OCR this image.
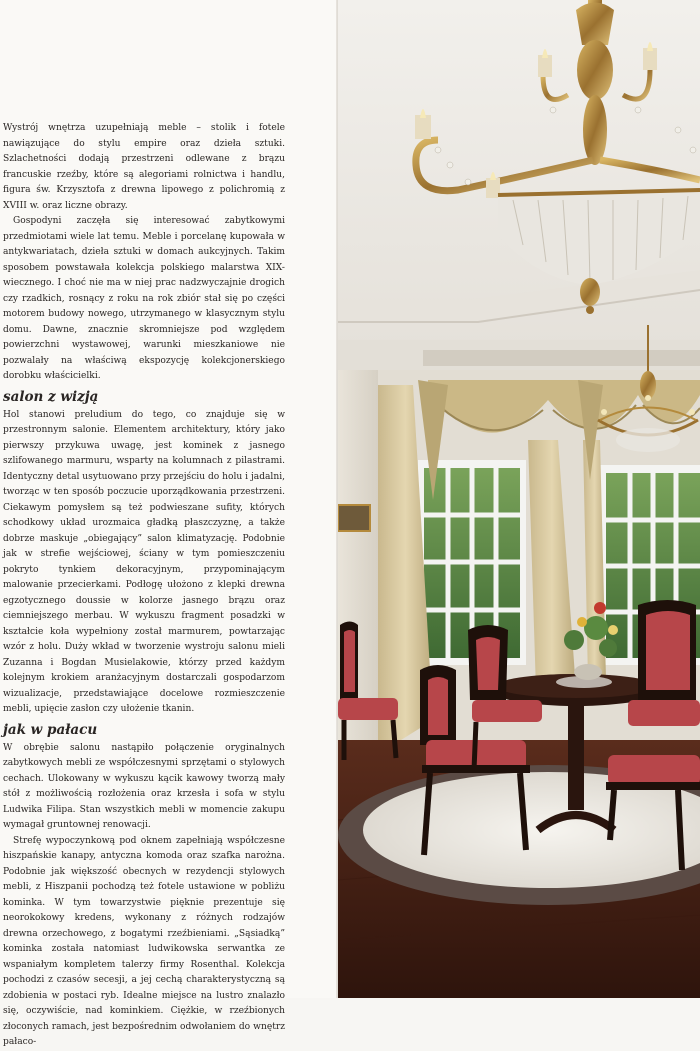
Wystrój wnętrza uzupełniają meble – stolik i fotele nawiązujące do stylu empire oraz dzieła sztuki. Szlachetności dodają przestrzeni odlewane z brązu francuskie rzeźby, które są alegoriami rolnictwa i handlu, figura św. Krzysztofa z drewna lipowego z polichromią z XVIII w. oraz liczne obrazy.

Gospodyni zaczęła się interesować zabytkowymi przedmiotami wiele lat temu. Meble i porcelanę kupowała w antykwariatach, dzieła sztuki w domach aukcyjnych. Takim sposobem powstawała kolekcja polskiego malarstwa XIX-wiecznego. I choć nie ma w niej prac nadzwyczajnie drogich czy rzadkich, rosnący z roku na rok zbiór stał się po części motorem budowy nowego, utrzymanego w klasycznym stylu domu. Dawne, znacznie skromniejsze pod względem powierzchni wystawowej, warunki mieszkaniowe nie pozwalały na właściwą ekspozycję kolekcjonerskiego dorobku właścicielki.

salon z wizją

Hol stanowi preludium do tego, co znajduje się w przestronnym salonie. Elementem architektury, który jako pierwszy przykuwa uwagę, jest kominek z jasnego szlifowanego marmuru, wsparty na kolumnach z pilastrami. Identyczny detal usytuowano przy przejściu do holu i jadalni, tworząc w ten sposób poczucie uporządkowania przestrzeni. Ciekawym pomysłem są też podwieszane sufity, których schodkowy układ urozmaica gładką płaszczyznę, a także dobrze maskuje „obiegający” salon klimatyzację. Podobnie jak w strefie wejściowej, ściany w tym pomieszczeniu pokryto tynkiem dekoracyjnym, przypominającym malowanie przecierkami. Podłogę ułożono z klepki drewna egzotycznego doussie w kolorze jasnego brązu oraz ciemniejszego merbau. W wykuszu fragment posadzki w kształcie koła wypełniony został marmurem, powtarzając wzór z holu. Duży wkład w tworzenie wystroju salonu mieli Zuzanna i Bogdan Musielakowie, którzy przed każdym kolejnym krokiem aranżacyjnym dostarczali gospodarzom wizualizacje, przedstawiające docelowe rozmieszczenie mebli, upięcie zasłon czy ułożenie tkanin.

jak w pałacu

W obrębie salonu nastąpiło połączenie oryginalnych zabytkowych mebli ze współczesnymi sprzętami o stylowych cechach. Ulokowany w wykuszu kącik kawowy tworzą mały stół z możliwością rozłożenia oraz krzesła i sofa w stylu Ludwika Filipa. Stan wszystkich mebli w momencie zakupu wymagał gruntownej renowacji.

Strefę wypoczynkową pod oknem zapełniają współczesne hiszpańskie kanapy, antyczna komoda oraz szafka narożna. Podobnie jak większość obecnych w rezydencji stylowych mebli, z Hiszpanii pochodzą też fotele ustawione w pobliżu kominka. W tym towarzystwie pięknie prezentuje się neorokokowy kredens, wykonany z różnych rodzajów drewna orzechowego, z bogatymi rzeźbieniami. „Sąsiadką” kominka została natomiast ludwikowska serwantka ze wspaniałym kompletem talerzy firmy Rosenthal. Kolekcja pochodzi z czasów secesji, a jej cechą charakterystyczną są zdobienia w postaci ryb. Idealne miejsce na lustro znalazło się, oczywiście, nad kominkiem. Ciężkie, w rzeźbionych złoconych ramach, jest bezpośrednim odwołaniem do wnętrz pałaco-
